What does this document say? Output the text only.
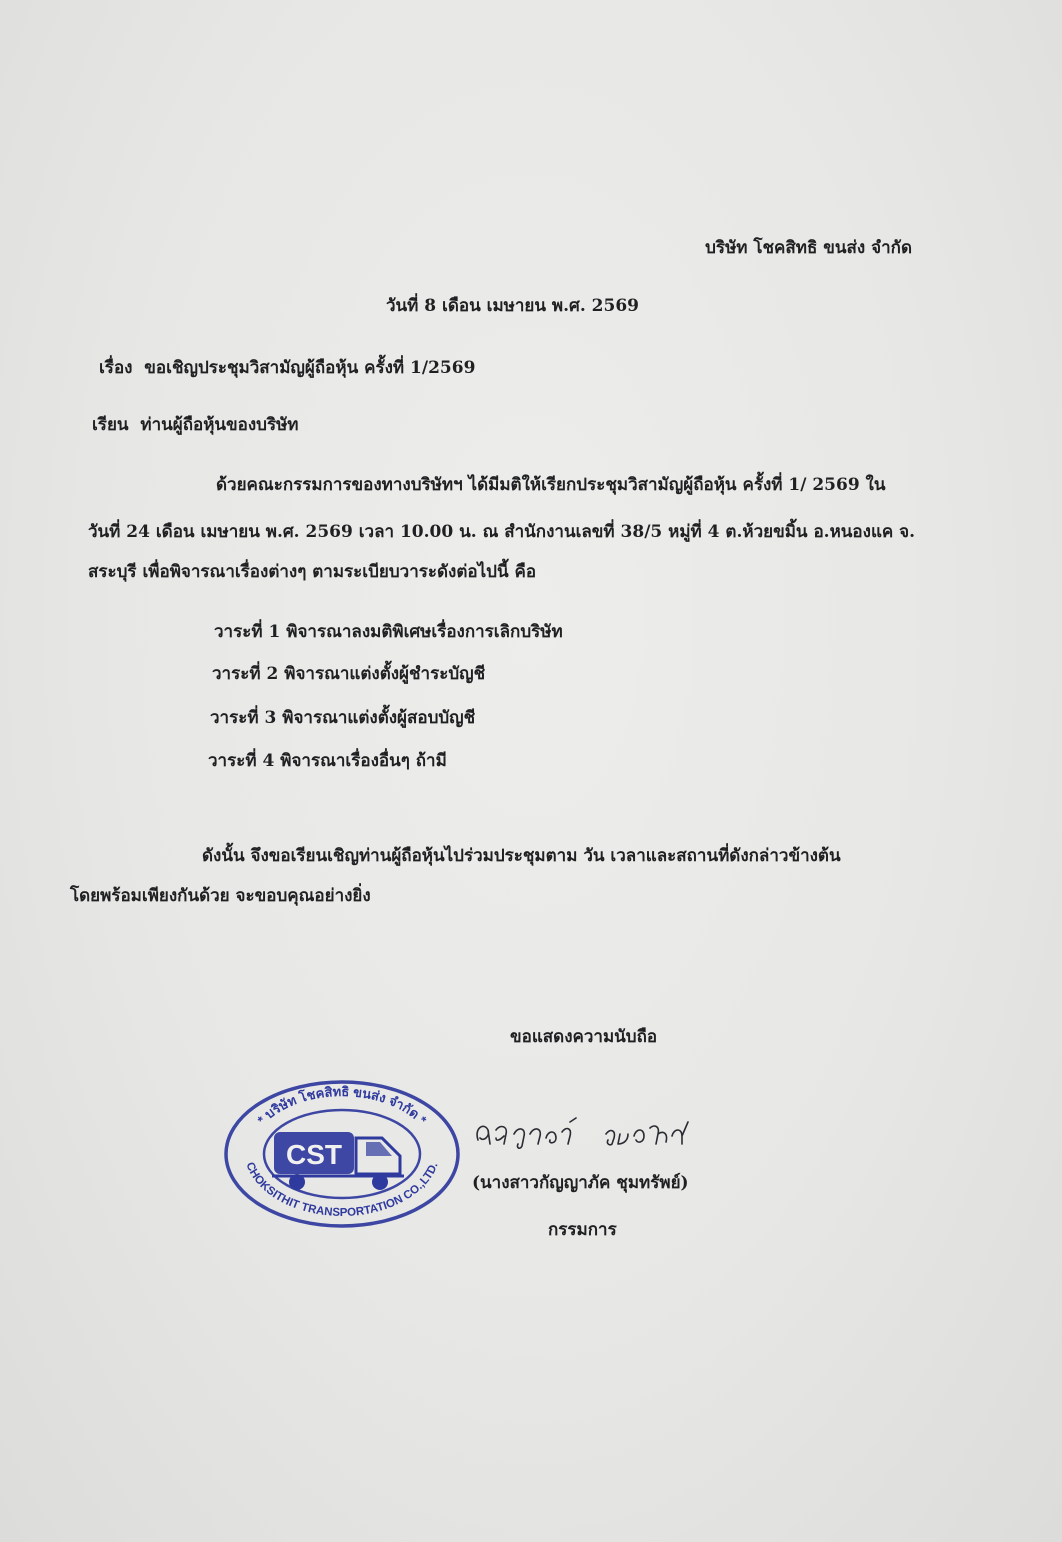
บริษัท โชคสิทธิ ขนส่ง จำกัด
วันที่ 8 เดือน เมษายน พ.ศ. 2569
เรื่อง ขอเชิญประชุมวิสามัญผู้ถือหุ้น ครั้งที่ 1/2569
เรียน ท่านผู้ถือหุ้นของบริษัท
ด้วยคณะกรรมการของทางบริษัทฯ ได้มีมติให้เรียกประชุมวิสามัญผู้ถือหุ้น ครั้งที่ 1/ 2569 ใน
วันที่ 24 เดือน เมษายน พ.ศ. 2569 เวลา 10.00 น. ณ สำนักงานเลขที่ 38/5 หมู่ที่ 4 ต.ห้วยขมิ้น อ.หนองแค จ.
สระบุรี เพื่อพิจารณาเรื่องต่างๆ ตามระเบียบวาระดังต่อไปนี้ คือ
วาระที่ 1 พิจารณาลงมติพิเศษเรื่องการเลิกบริษัท
วาระที่ 2 พิจารณาแต่งตั้งผู้ชำระบัญชี
วาระที่ 3 พิจารณาแต่งตั้งผู้สอบบัญชี
วาระที่ 4 พิจารณาเรื่องอื่นๆ ถ้ามี
ดังนั้น จึงขอเรียนเชิญท่านผู้ถือหุ้นไปร่วมประชุมตาม วัน เวลาและสถานที่ดังกล่าวข้างต้น
โดยพร้อมเพียงกันด้วย จะขอบคุณอย่างยิ่ง
ขอแสดงความนับถือ
* บริษัท โชคสิทธิ ขนส่ง จำกัด *
CHOKSITHIT TRANSPORTATION CO.,LTD.
CST
(นางสาวกัญญาภัค ชุมทรัพย์)
กรรมการ
